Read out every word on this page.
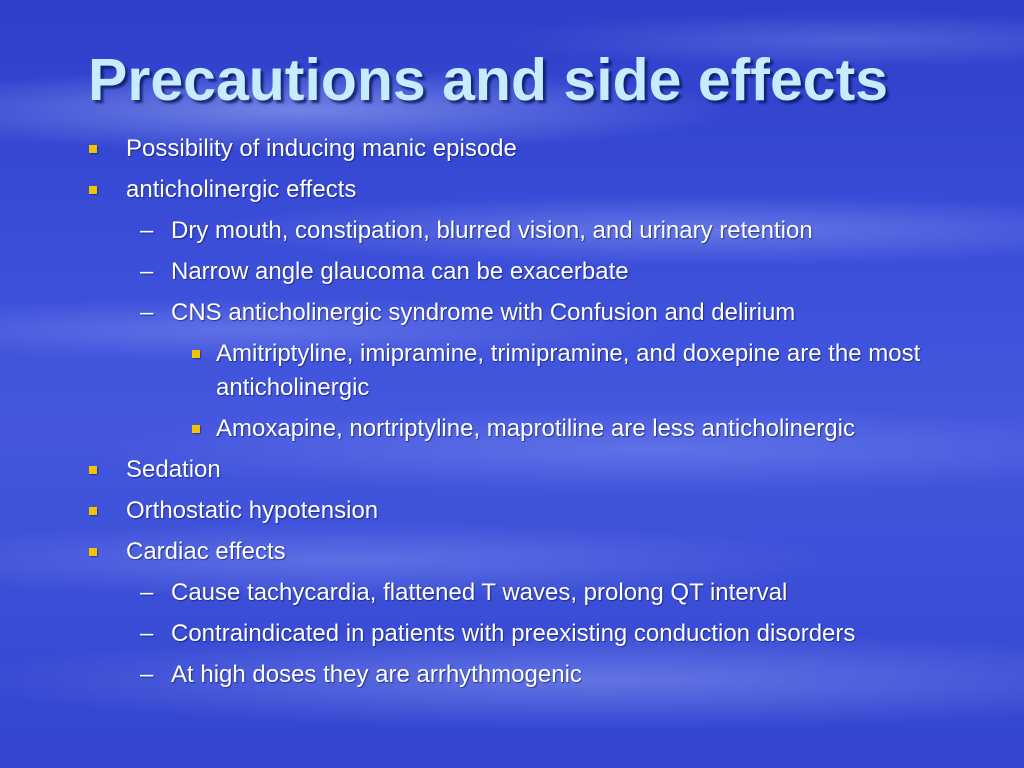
Precautions and side effects
Possibility of inducing manic episode
anticholinergic effects
– Dry mouth, constipation, blurred vision, and urinary retention
– Narrow angle glaucoma can be exacerbate
– CNS anticholinergic syndrome with Confusion and delirium
Amitriptyline, imipramine, trimipramine, and doxepine are the most anticholinergic
Amoxapine, nortriptyline, maprotiline are less anticholinergic
Sedation
Orthostatic hypotension
Cardiac effects
– Cause tachycardia, flattened T waves, prolong QT interval
– Contraindicated in patients with preexisting conduction disorders
– At high doses they are arrhythmogenic
